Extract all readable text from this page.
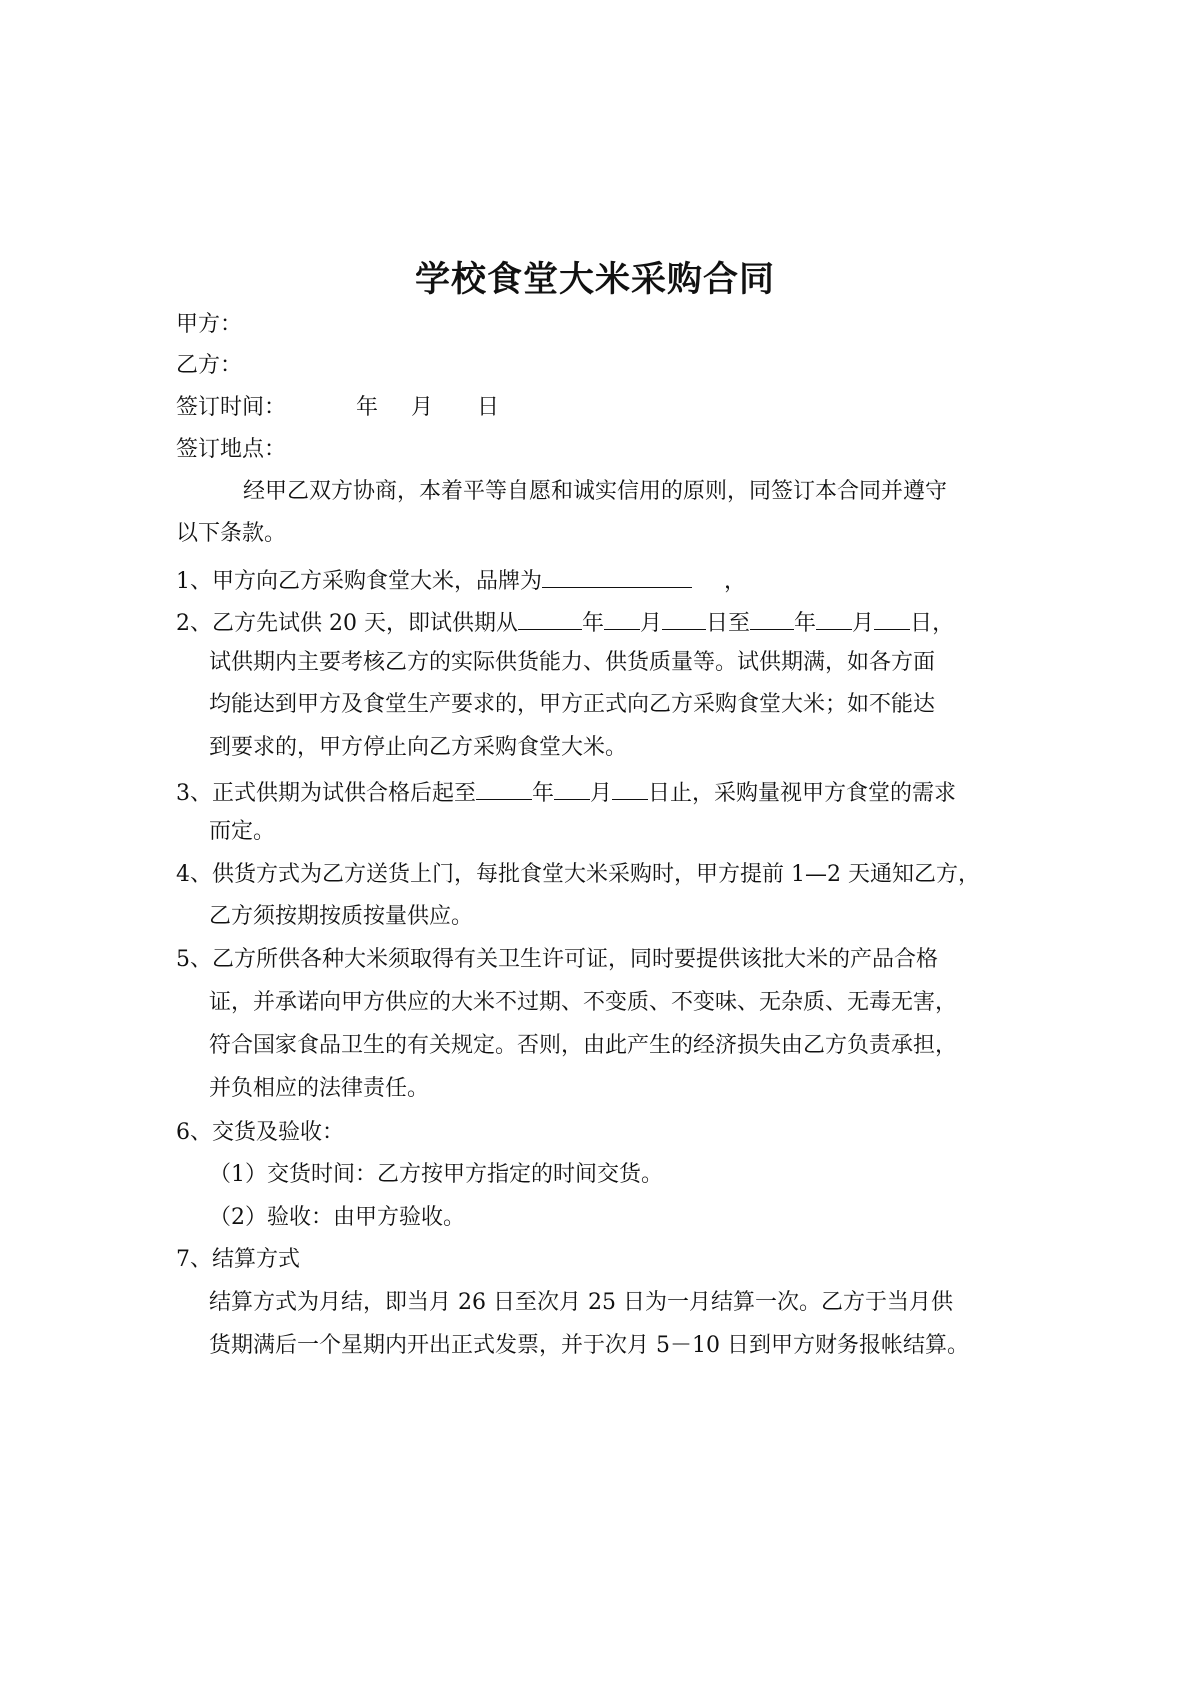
学校食堂大米采购合同
甲方：
乙方：
签订时间：	年 月 日
签订地点：
经甲乙双方协商，本着平等自愿和诚实信用的原则，同签订本合同并遵守
以下条款。
1、甲方向乙方采购食堂大米，品牌为	，
2、乙方先试供 20 天，即试供期从	年 月 日至 年 月 日，
试供期内主要考核乙方的实际供货能力、供货质量等。试供期满，如各方面
均能达到甲方及食堂生产要求的，甲方正式向乙方采购食堂大米；如不能达
到要求的，甲方停止向乙方采购食堂大米。
3、正式供期为试供合格后起至	年 月 日止，采购量视甲方食堂的需求
而定。
4、供货方式为乙方送货上门，每批食堂大米采购时，甲方提前 1—2 天通知乙方，
乙方须按期按质按量供应。
5、乙方所供各种大米须取得有关卫生许可证，同时要提供该批大米的产品合格
证，并承诺向甲方供应的大米不过期、不变质、不变味、无杂质、无毒无害，
符合国家食品卫生的有关规定。否则，由此产生的经济损失由乙方负责承担，
并负相应的法律责任。
6、交货及验收：
（1）交货时间：乙方按甲方指定的时间交货。
（2）验收：由甲方验收。
7、结算方式
结算方式为月结，即当月 26 日至次月 25 日为一月结算一次。乙方于当月供
货期满后一个星期内开出正式发票，并于次月 5－10 日到甲方财务报帐结算。
